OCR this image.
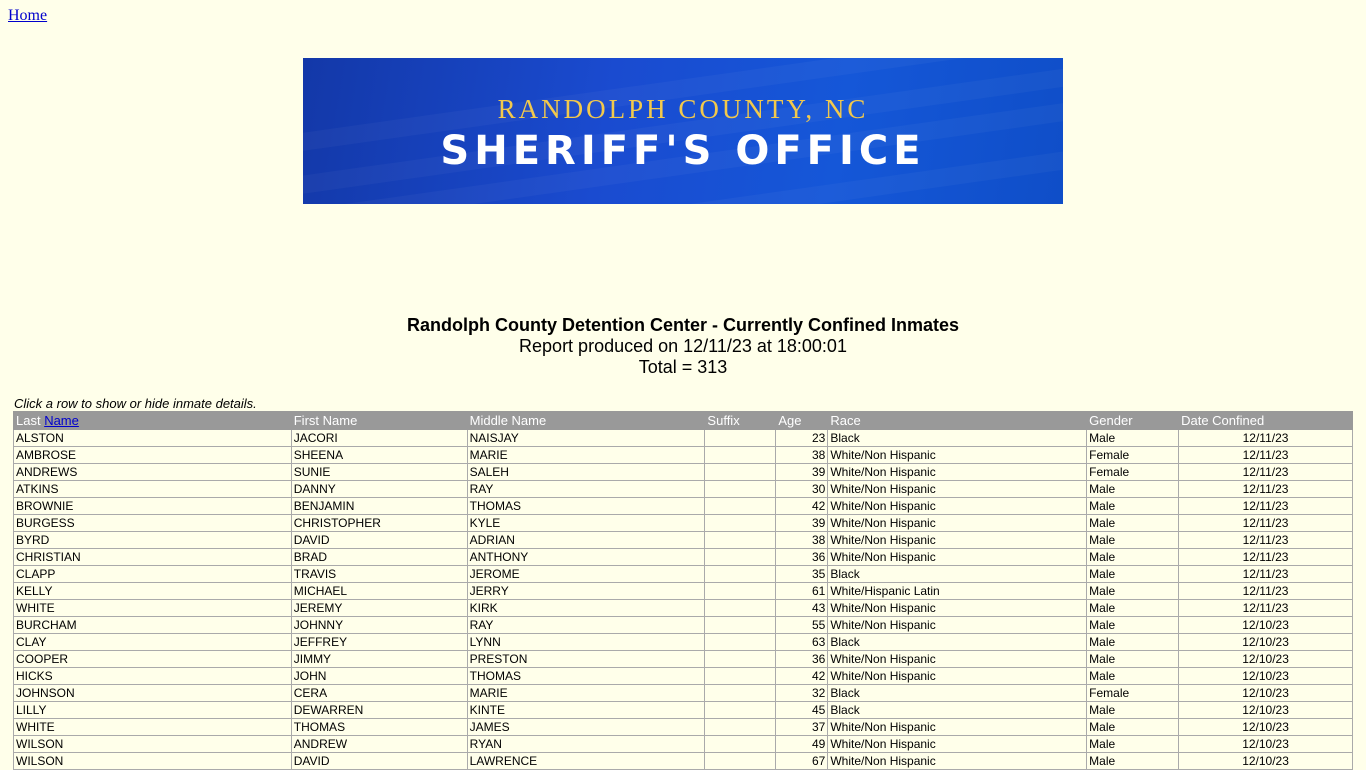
Home
RANDOLPH COUNTY, NC
SHERIFF'S OFFICE
Randolph County Detention Center - Currently Confined Inmates
Report produced on 12/11/23 at 18:00:01
Total = 313
Click a row to show or hide inmate details.
Last Name	First Name	Middle Name	Suffix	Age	Race	Gender	Date Confined
ALSTON	JACORI	NAISJAY		23	Black	Male	12/11/23
AMBROSE	SHEENA	MARIE		38	White/Non Hispanic	Female	12/11/23
ANDREWS	SUNIE	SALEH		39	White/Non Hispanic	Female	12/11/23
ATKINS	DANNY	RAY		30	White/Non Hispanic	Male	12/11/23
BROWNIE	BENJAMIN	THOMAS		42	White/Non Hispanic	Male	12/11/23
BURGESS	CHRISTOPHER	KYLE		39	White/Non Hispanic	Male	12/11/23
BYRD	DAVID	ADRIAN		38	White/Non Hispanic	Male	12/11/23
CHRISTIAN	BRAD	ANTHONY		36	White/Non Hispanic	Male	12/11/23
CLAPP	TRAVIS	JEROME		35	Black	Male	12/11/23
KELLY	MICHAEL	JERRY		61	White/Hispanic Latin	Male	12/11/23
WHITE	JEREMY	KIRK		43	White/Non Hispanic	Male	12/11/23
BURCHAM	JOHNNY	RAY		55	White/Non Hispanic	Male	12/10/23
CLAY	JEFFREY	LYNN		63	Black	Male	12/10/23
COOPER	JIMMY	PRESTON		36	White/Non Hispanic	Male	12/10/23
HICKS	JOHN	THOMAS		42	White/Non Hispanic	Male	12/10/23
JOHNSON	CERA	MARIE		32	Black	Female	12/10/23
LILLY	DEWARREN	KINTE		45	Black	Male	12/10/23
WHITE	THOMAS	JAMES		37	White/Non Hispanic	Male	12/10/23
WILSON	ANDREW	RYAN		49	White/Non Hispanic	Male	12/10/23
WILSON	DAVID	LAWRENCE		67	White/Non Hispanic	Male	12/10/23
